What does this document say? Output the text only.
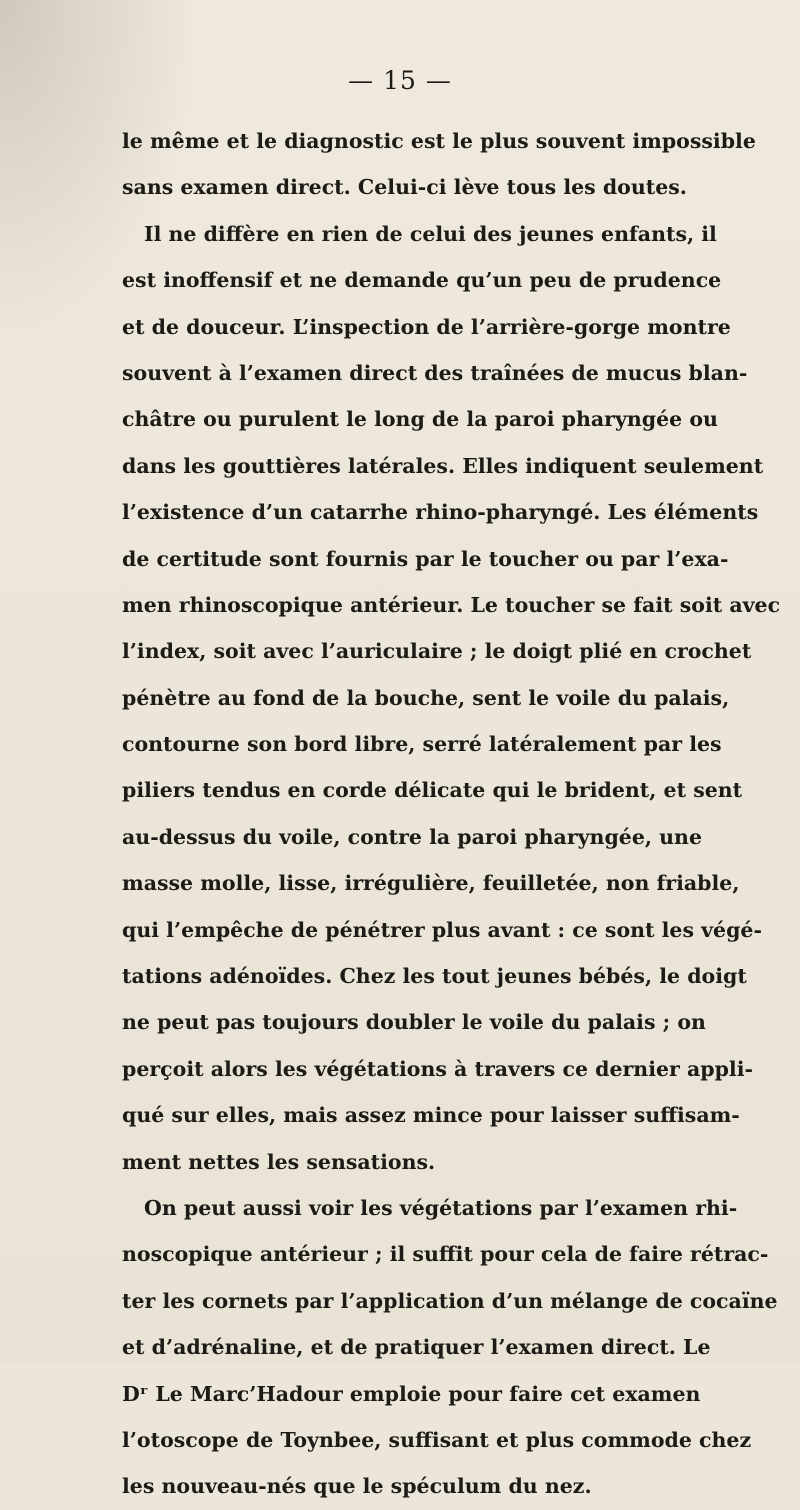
— 15 —
le même et le diagnostic est le plus souvent impossible
sans examen direct. Celui-ci lève tous les doutes.
Il ne diffère en rien de celui des jeunes enfants, il
est inoffensif et ne demande qu’un peu de prudence
et de douceur. L’inspection de l’arrière-gorge montre
souvent à l’examen direct des traînées de mucus blan-
châtre ou purulent le long de la paroi pharyngée ou
dans les gouttières latérales. Elles indiquent seulement
l’existence d’un catarrhe rhino-pharyngé. Les éléments
de certitude sont fournis par le toucher ou par l’exa-
men rhinoscopique antérieur. Le toucher se fait soit avec
l’index, soit avec l’auriculaire ; le doigt plié en crochet
pénètre au fond de la bouche, sent le voile du palais,
contourne son bord libre, serré latéralement par les
piliers tendus en corde délicate qui le brident, et sent
au-dessus du voile, contre la paroi pharyngée, une
masse molle, lisse, irrégulière, feuilletée, non friable,
qui l’empêche de pénétrer plus avant : ce sont les végé-
tations adénoïdes. Chez les tout jeunes bébés, le doigt
ne peut pas toujours doubler le voile du palais ; on
perçoit alors les végétations à travers ce dernier appli-
qué sur elles, mais assez mince pour laisser suffisam-
ment nettes les sensations.
On peut aussi voir les végétations par l’examen rhi-
noscopique antérieur ; il suffit pour cela de faire rétrac-
ter les cornets par l’application d’un mélange de cocaïne
et d’adrénaline, et de pratiquer l’examen direct. Le
Dʳ Le Marc’Hadour emploie pour faire cet examen
l’otoscope de Toynbee, suffisant et plus commode chez
les nouveau-nés que le spéculum du nez.
